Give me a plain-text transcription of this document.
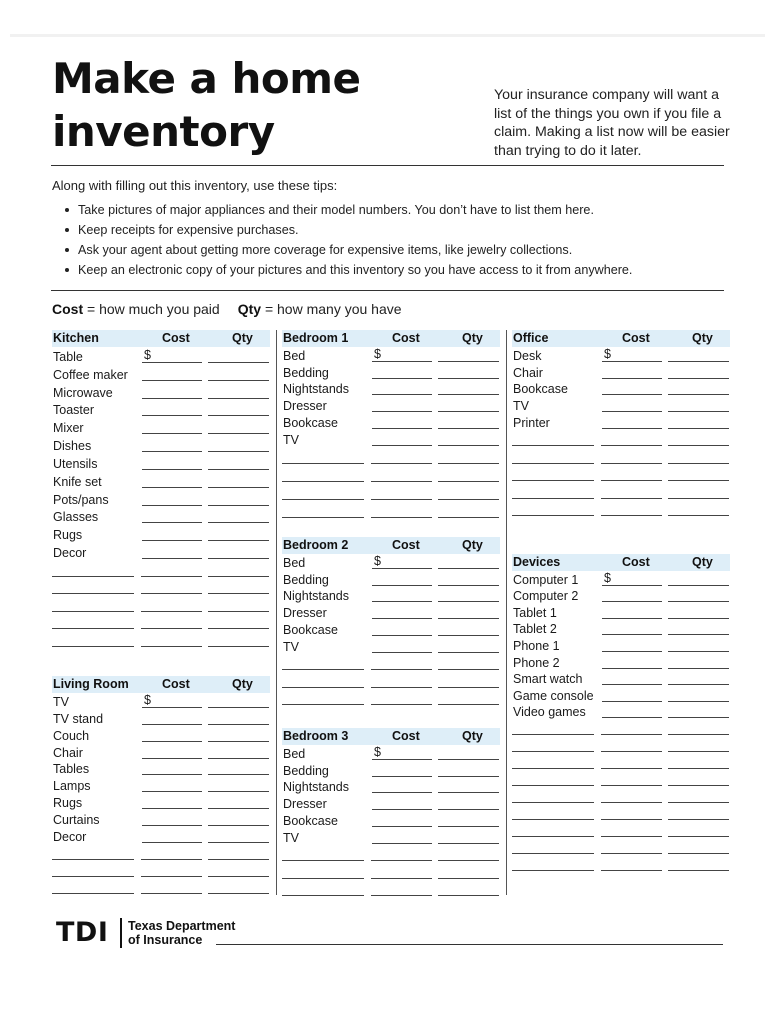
Make a home inventory
Your insurance company will want a list of the things you own if you file a claim. Making a list now will be easier than trying to do it later.
Along with filling out this inventory, use these tips:
Take pictures of major appliances and their model numbers. You don’t have to list them here.
Keep receipts for expensive purchases.
Ask your agent about getting more coverage for expensive items, like jewelry collections.
Keep an electronic copy of your pictures and this inventory so you have access to it from anywhere.
Cost = how much you paid Qty = how many you have
Kitchen	Cost	Qty
Table	$
Coffee maker
Microwave
Toaster
Mixer
Dishes
Utensils
Knife set
Pots/pans
Glasses
Rugs
Decor
Living Room	Cost	Qty
TV	$
TV stand
Couch
Chair
Tables
Lamps
Rugs
Curtains
Decor
Bedroom 1	Cost	Qty
Bed	$
Bedding
Nightstands
Dresser
Bookcase
TV
Bedroom 2	Cost	Qty
Bed	$
Bedding
Nightstands
Dresser
Bookcase
TV
Bedroom 3	Cost	Qty
Bed	$
Bedding
Nightstands
Dresser
Bookcase
TV
Office	Cost	Qty
Desk	$
Chair
Bookcase
TV
Printer
Devices	Cost	Qty
Computer 1 $
Computer 2
Tablet 1
Tablet 2
Phone 1
Phone 2
Smart watch
Game console
Video games
TDI Texas Department
of Insurance
